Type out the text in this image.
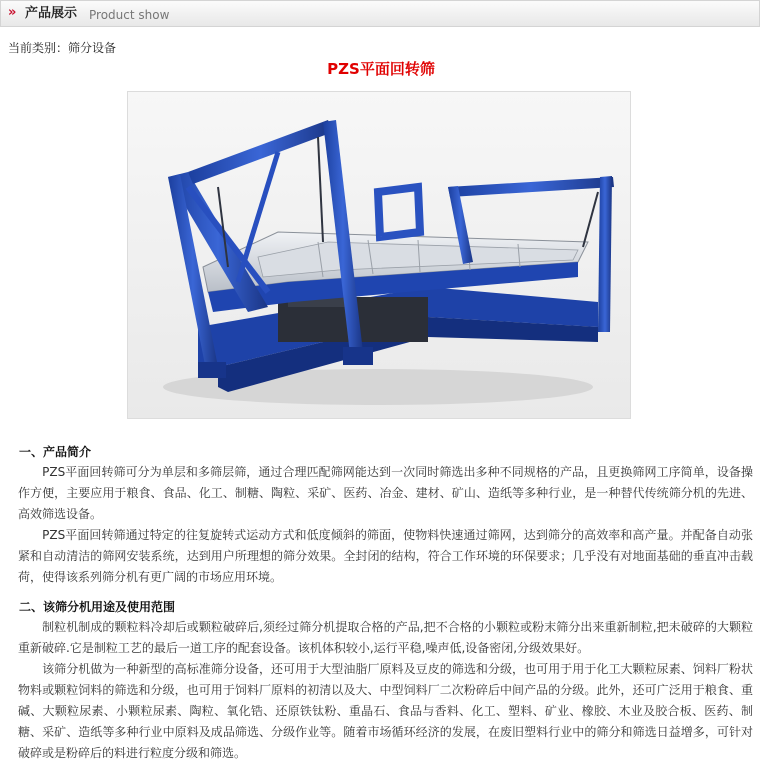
» 产品展示 Product show
当前类别：筛分设备
PZS平面回转筛
一、产品简介
　　PZS平面回转筛可分为单层和多筛层筛，通过合理匹配筛网能达到一次同时筛选出多种不同规格的产品，且更换筛网工序简单，设备操作方便，主要应用于粮食、食品、化工、制糖、陶粒、采矿、医药、冶金、建材、矿山、造纸等多种行业，是一种替代传统筛分机的先进、高效筛选设备。
　　PZS平面回转筛通过特定的往复旋转式运动方式和低度倾斜的筛面，使物料快速通过筛网，达到筛分的高效率和高产量。并配备自动张紧和自动清洁的筛网安装系统，达到用户所理想的筛分效果。全封闭的结构，符合工作环境的环保要求；几乎没有对地面基础的垂直冲击载荷，使得该系列筛分机有更广阔的市场应用环境。
二、该筛分机用途及使用范围
　　制粒机制成的颗粒料冷却后或颗粒破碎后,须经过筛分机提取合格的产品,把不合格的小颗粒或粉末筛分出来重新制粒,把未破碎的大颗粒重新破碎.它是制粒工艺的最后一道工序的配套设备。该机体积较小,运行平稳,噪声低,设备密闭,分级效果好。
　　该筛分机做为一种新型的高标准筛分设备，还可用于大型油脂厂原料及豆皮的筛选和分级，也可用于用于化工大颗粒尿素、饲料厂粉状物料或颗粒饲料的筛选和分级，也可用于饲料厂原料的初清以及大、中型饲料厂二次粉碎后中间产品的分级。此外，还可广泛用于粮食、重碱、大颗粒尿素、小颗粒尿素、陶粒、氧化锆、还原铁钛粉、重晶石、食品与香料、化工、塑料、矿业、橡胶、木业及胶合板、医药、制糖、采矿、造纸等多种行业中原料及成品筛选、分级作业等。随着市场循环经济的发展，在废旧塑料行业中的筛分和筛选日益增多，可针对破碎或是粉碎后的料进行粒度分级和筛选。
